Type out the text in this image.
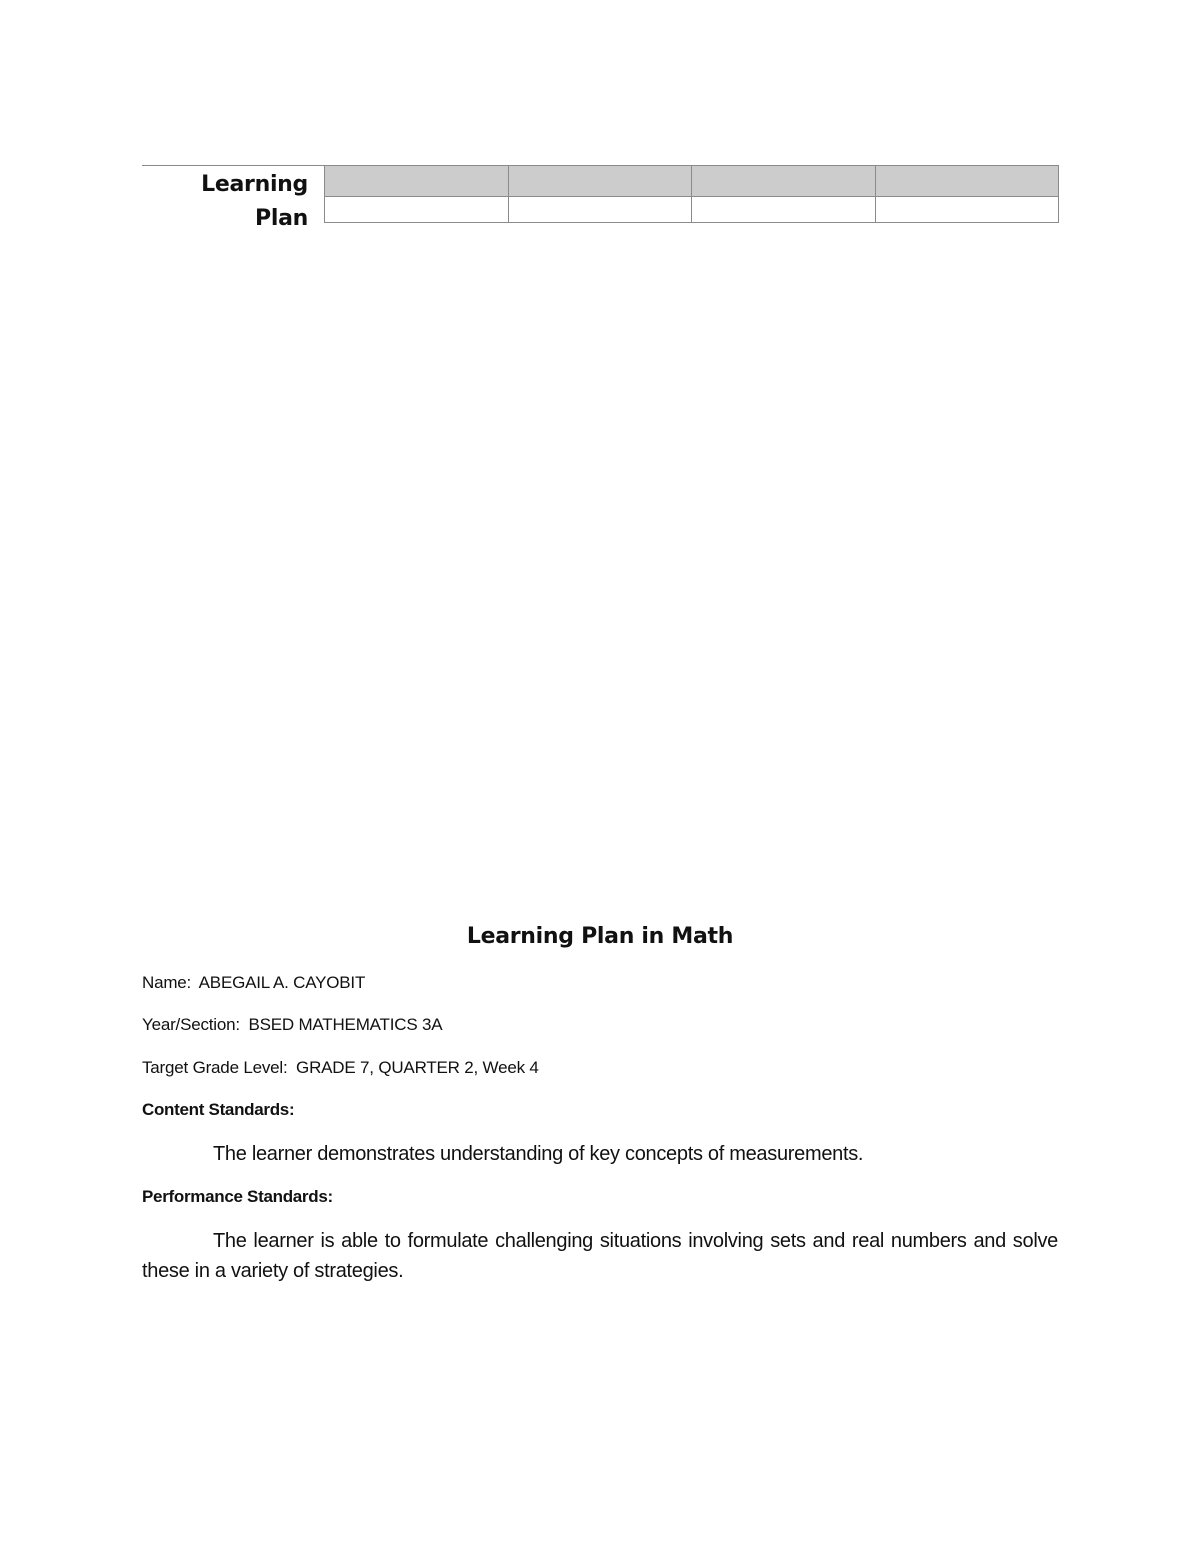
Learning Plan

Learning Plan in Math
Name: ABEGAIL A. CAYOBIT
Year/Section: BSED MATHEMATICS 3A
Target Grade Level: GRADE 7, QUARTER 2, Week 4
Content Standards:
The learner demonstrates understanding of key concepts of measurements.
Performance Standards:
The learner is able to formulate challenging situations involving sets and real numbers and solve these in a variety of strategies.
